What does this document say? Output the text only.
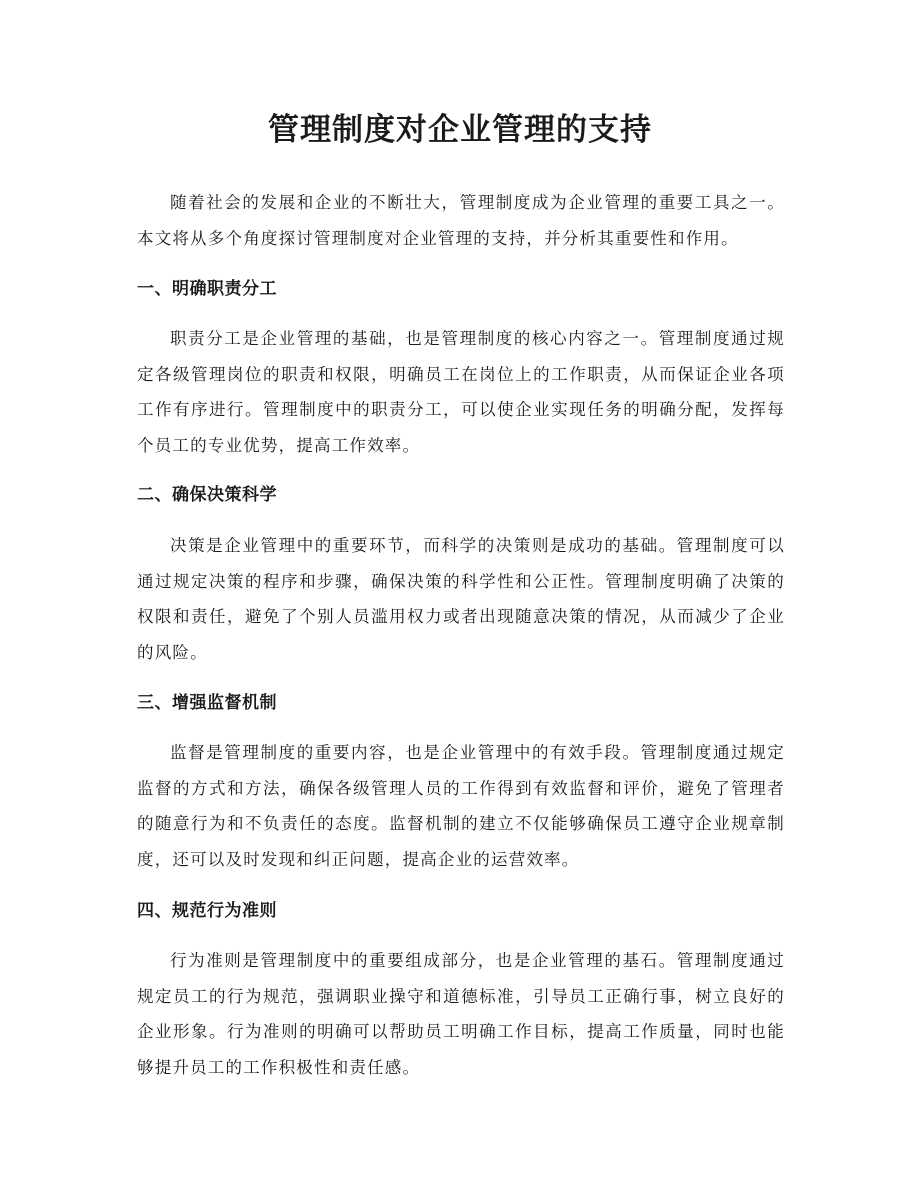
管理制度对企业管理的支持

随着社会的发展和企业的不断壮大，管理制度成为企业管理的重要工具之一。本文将从多个角度探讨管理制度对企业管理的支持，并分析其重要性和作用。

一、明确职责分工

职责分工是企业管理的基础，也是管理制度的核心内容之一。管理制度通过规定各级管理岗位的职责和权限，明确员工在岗位上的工作职责，从而保证企业各项工作有序进行。管理制度中的职责分工，可以使企业实现任务的明确分配，发挥每个员工的专业优势，提高工作效率。

二、确保决策科学

决策是企业管理中的重要环节，而科学的决策则是成功的基础。管理制度可以通过规定决策的程序和步骤，确保决策的科学性和公正性。管理制度明确了决策的权限和责任，避免了个别人员滥用权力或者出现随意决策的情况，从而减少了企业的风险。

三、增强监督机制

监督是管理制度的重要内容，也是企业管理中的有效手段。管理制度通过规定监督的方式和方法，确保各级管理人员的工作得到有效监督和评价，避免了管理者的随意行为和不负责任的态度。监督机制的建立不仅能够确保员工遵守企业规章制度，还可以及时发现和纠正问题，提高企业的运营效率。

四、规范行为准则

行为准则是管理制度中的重要组成部分，也是企业管理的基石。管理制度通过规定员工的行为规范，强调职业操守和道德标准，引导员工正确行事，树立良好的企业形象。行为准则的明确可以帮助员工明确工作目标，提高工作质量，同时也能够提升员工的工作积极性和责任感。
